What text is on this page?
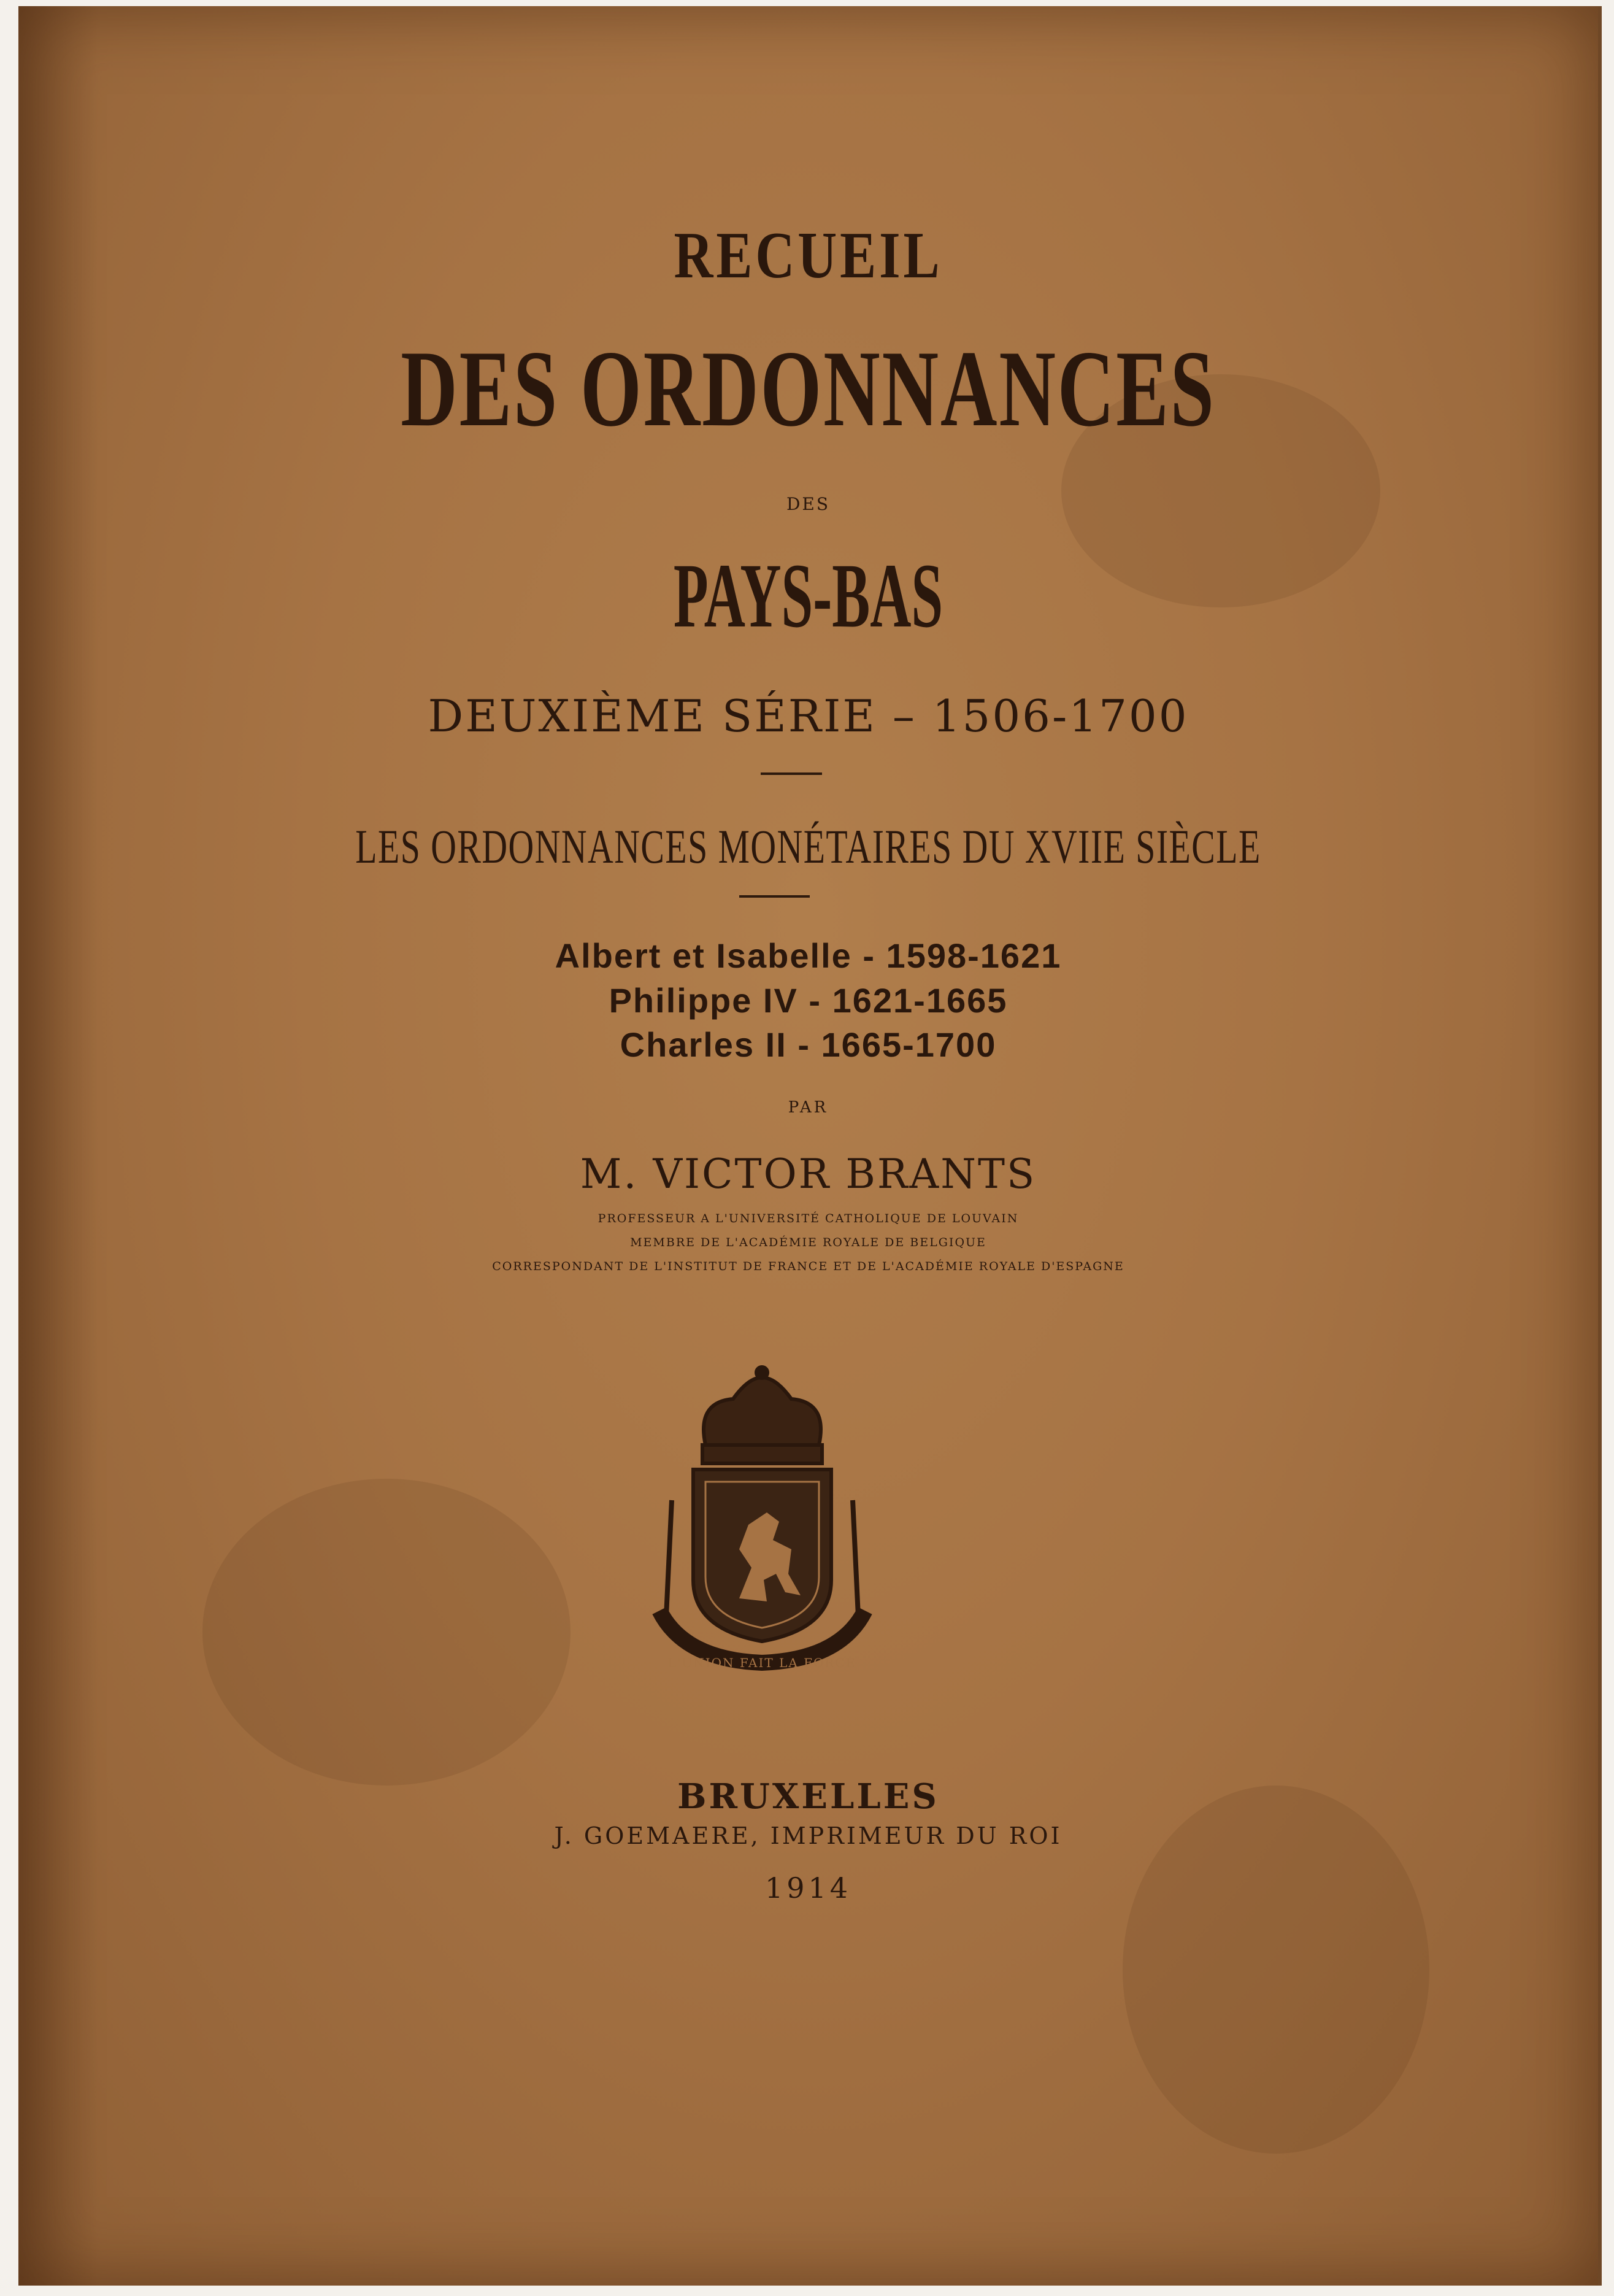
RECUEIL
DES ORDONNANCES
DES
PAYS-BAS
DEUXIÈME SÉRIE – 1506-1700
LES ORDONNANCES MONÉTAIRES DU XVIIE SIÈCLE
Albert et Isabelle - 1598-1621
Philippe IV - 1621-1665
Charles II - 1665-1700
PAR
M. VICTOR BRANTS
PROFESSEUR A L'UNIVERSITÉ CATHOLIQUE DE LOUVAIN
MEMBRE DE L'ACADÉMIE ROYALE DE BELGIQUE
CORRESPONDANT DE L'INSTITUT DE FRANCE ET DE L'ACADÉMIE ROYALE D'ESPAGNE
L'UNION FAIT LA FORCE
BRUXELLES
J. GOEMAERE, IMPRIMEUR DU ROI
1914
